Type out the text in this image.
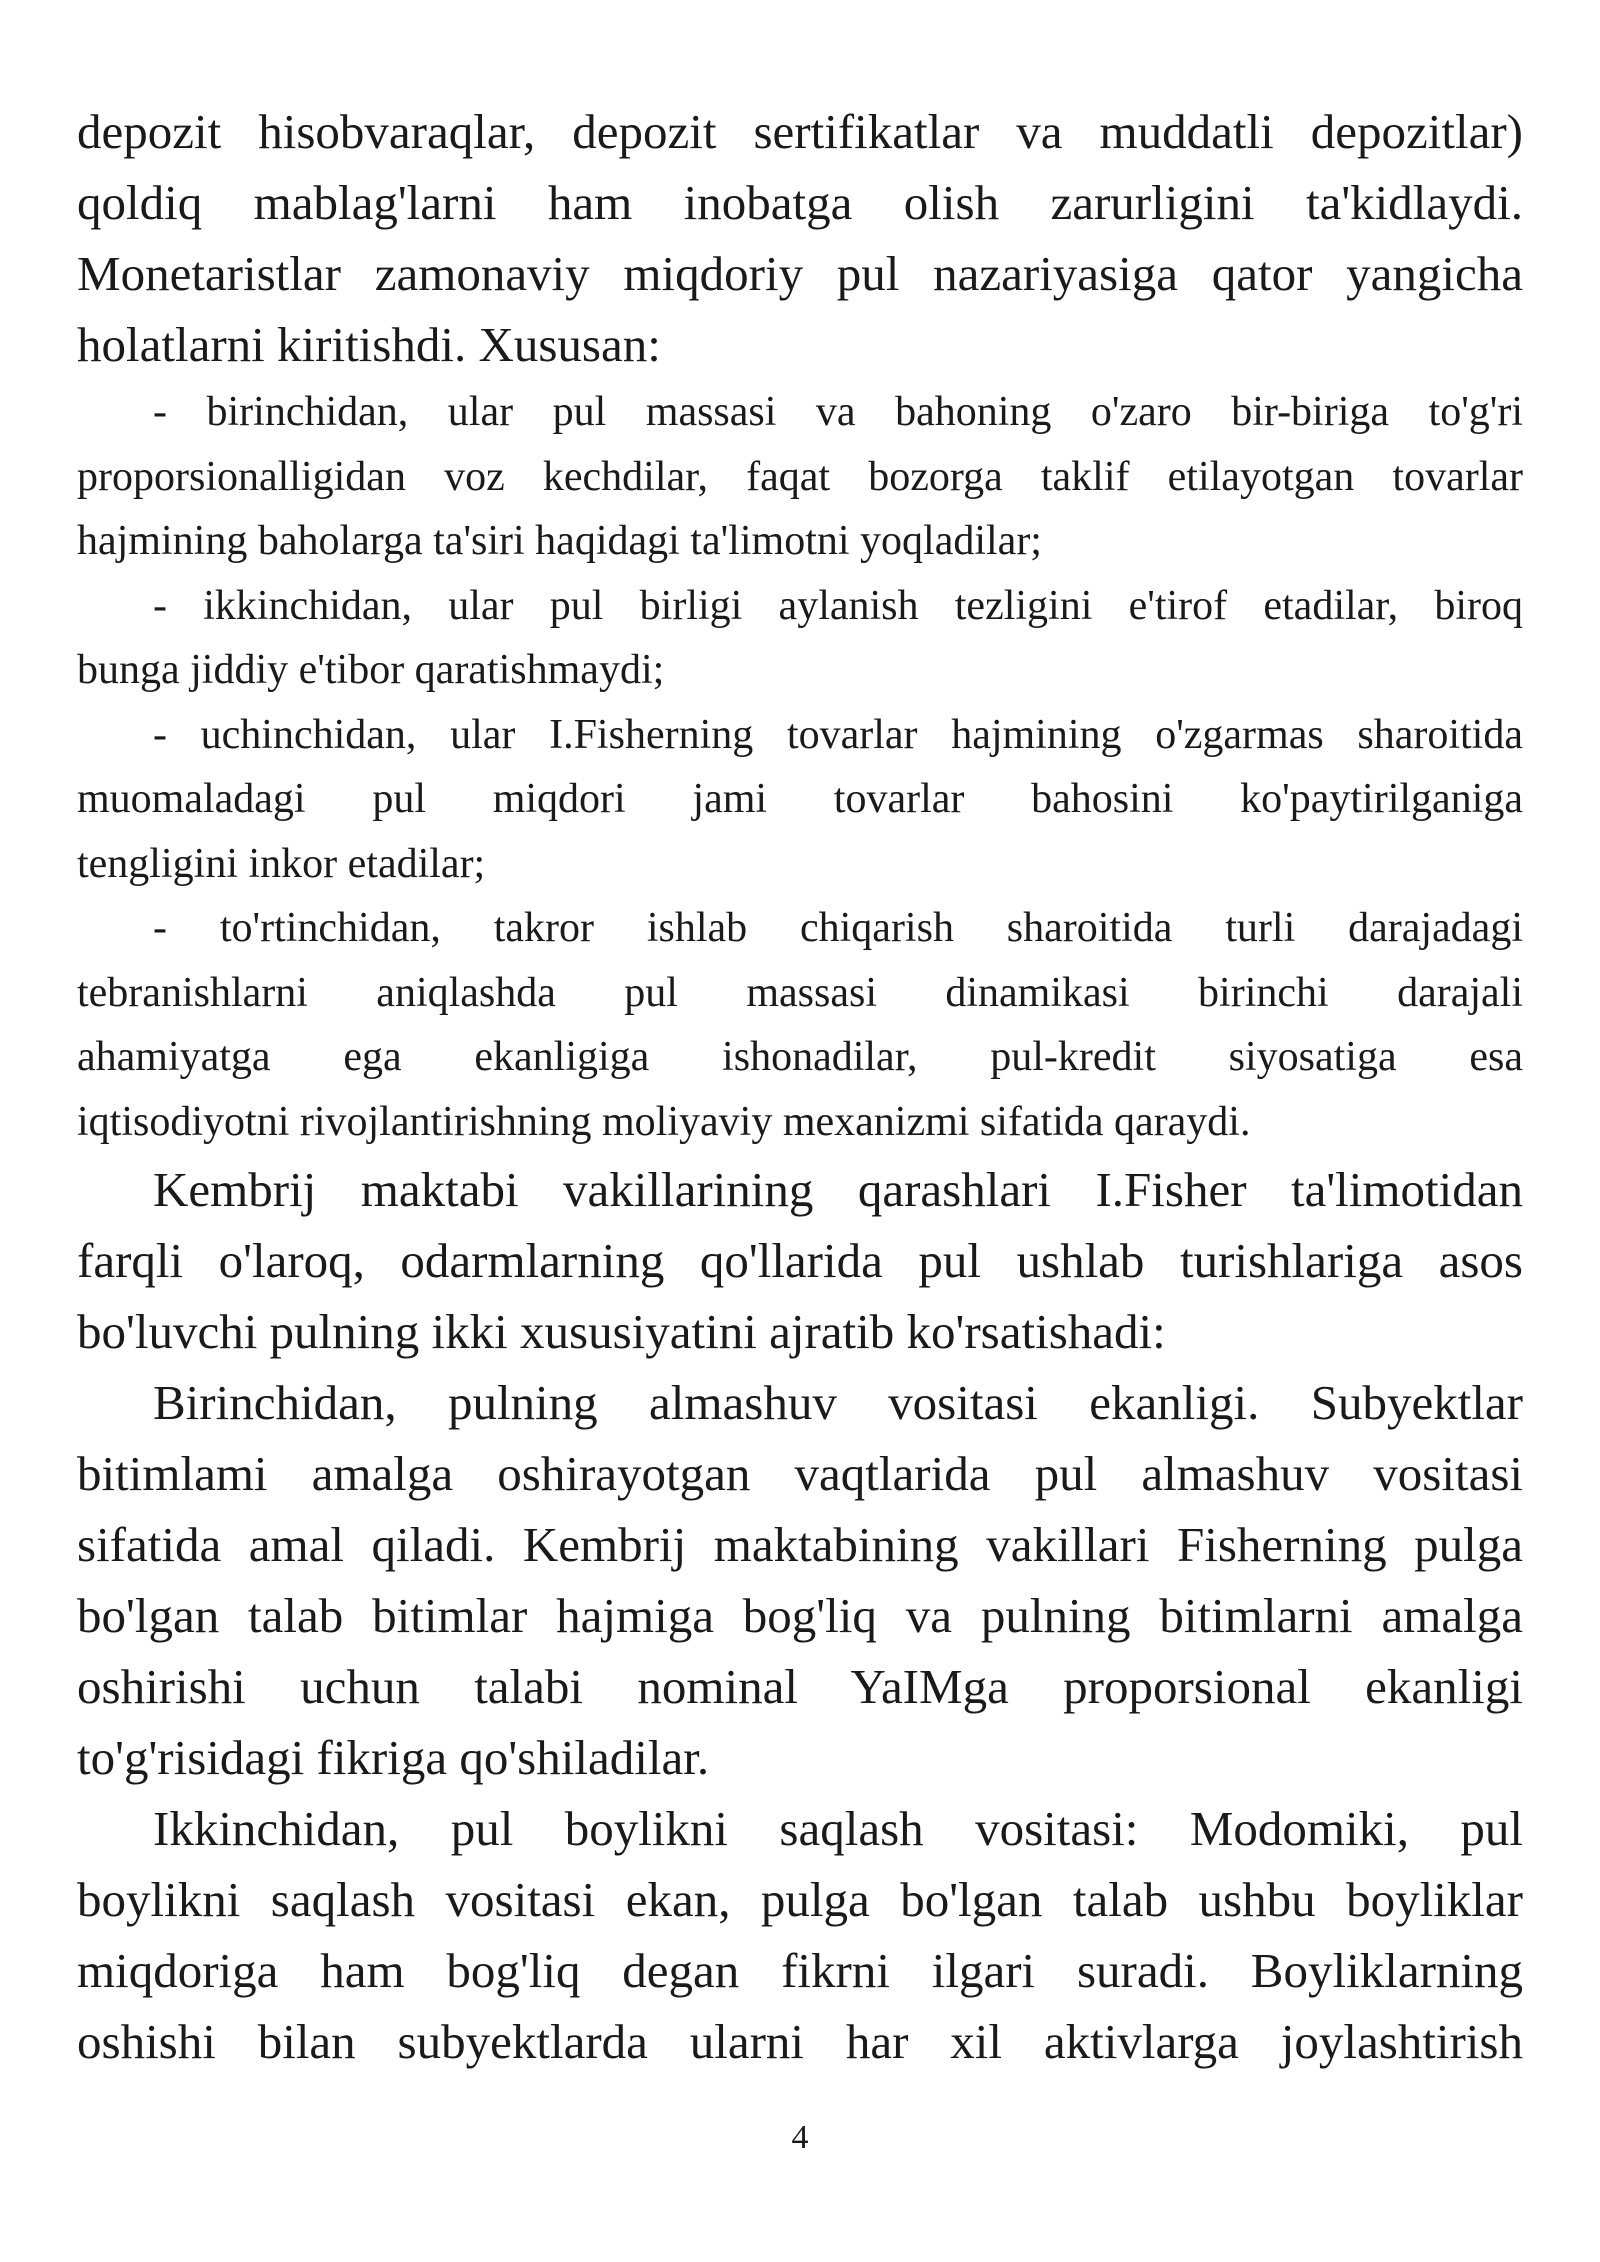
depozit hisobvaraqlar, depozit sertifikatlar va muddatli depozitlar)

qoldiq mablag'larni ham inobatga olish zarurligini ta'kidlaydi.

Monetaristlar zamonaviy miqdoriy pul nazariyasiga qator yangicha

holatlarni kiritishdi. Xususan:

- birinchidan, ular pul massasi va bahoning o'zaro bir-biriga to'g'ri

proporsionalligidan voz kechdilar, faqat bozorga taklif etilayotgan tovarlar

hajmining baholarga ta'siri haqidagi ta'limotni yoqladilar;

- ikkinchidan, ular pul birligi aylanish tezligini e'tirof etadilar, biroq

bunga jiddiy e'tibor qaratishmaydi;

- uchinchidan, ular I.Fisherning tovarlar hajmining o'zgarmas sharoitida

muomaladagi pul miqdori jami tovarlar bahosini ko'paytirilganiga

tengligini inkor etadilar;

- to'rtinchidan, takror ishlab chiqarish sharoitida turli darajadagi

tebranishlarni aniqlashda pul massasi dinamikasi birinchi darajali

ahamiyatga ega ekanligiga ishonadilar, pul-kredit siyosatiga esa

iqtisodiyotni rivojlantirishning moliyaviy mexanizmi sifatida qaraydi.

Kembrij maktabi vakillarining qarashlari I.Fisher ta'limotidan

farqli o'laroq, odarmlarning qo'llarida pul ushlab turishlariga asos

bo'luvchi pulning ikki xususiyatini ajratib ko'rsatishadi:

Birinchidan, pulning almashuv vositasi ekanligi. Subyektlar

bitimlami amalga oshirayotgan vaqtlarida pul almashuv vositasi

sifatida amal qiladi. Kembrij maktabining vakillari Fisherning pulga

bo'lgan talab bitimlar hajmiga bog'liq va pulning bitimlarni amalga

oshirishi uchun talabi nominal YaIMga proporsional ekanligi

to'g'risidagi fikriga qo'shiladilar.

Ikkinchidan, pul boylikni saqlash vositasi: Modomiki, pul

boylikni saqlash vositasi ekan, pulga bo'lgan talab ushbu boyliklar

miqdoriga ham bog'liq degan fikrni ilgari suradi. Boyliklarning

oshishi bilan subyektlarda ularni har xil aktivlarga joylashtirish

4
